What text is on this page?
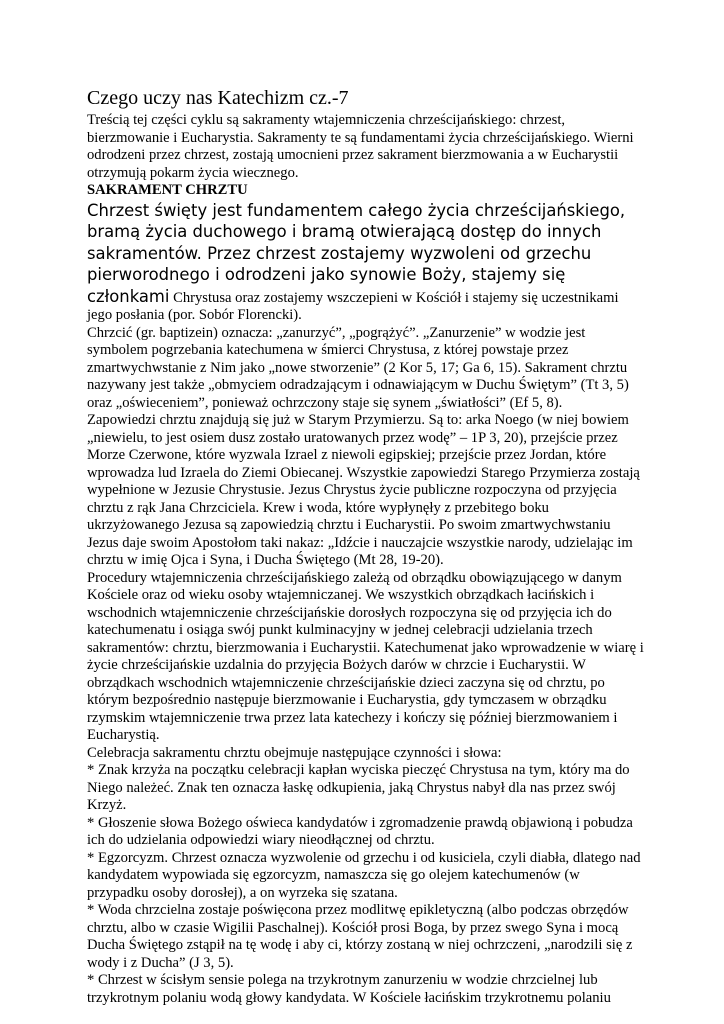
Czego uczy nas Katechizm cz.-7

Treścią tej części cyklu są sakramenty wtajemniczenia chrześcijańskiego: chrzest, bierzmowanie i Eucharystia. Sakramenty te są fundamentami życia chrześcijańskiego. Wierni odrodzeni przez chrzest, zostają umocnieni przez sakrament bierzmowania a w Eucharystii otrzymują pokarm życia wiecznego.

SAKRAMENT CHRZTU

Chrzest święty jest fundamentem całego życia chrześcijańskiego, bramą życia duchowego i bramą otwierającą dostęp do innych sakramentów. Przez chrzest zostajemy wyzwoleni od grzechu pierworodnego i odrodzeni jako synowie Boży, stajemy się członkami Chrystusa oraz zostajemy wszczepieni w Kościół i stajemy się uczestnikami jego posłania (por. Sobór Florencki).

Chrzcić (gr. baptizein) oznacza: „zanurzyć”, „pogrążyć”. „Zanurzenie” w wodzie jest symbolem pogrzebania katechumena w śmierci Chrystusa, z której powstaje przez zmartwychwstanie z Nim jako „nowe stworzenie” (2 Kor 5, 17; Ga 6, 15). Sakrament chrztu nazywany jest także „obmyciem odradzającym i odnawiającym w Duchu Świętym” (Tt 3, 5) oraz „oświeceniem”, ponieważ ochrzczony staje się synem „światłości” (Ef 5, 8).

Zapowiedzi chrztu znajdują się już w Starym Przymierzu. Są to: arka Noego (w niej bowiem „niewielu, to jest osiem dusz zostało uratowanych przez wodę” – 1P 3, 20), przejście przez Morze Czerwone, które wyzwala Izrael z niewoli egipskiej; przejście przez Jordan, które wprowadza lud Izraela do Ziemi Obiecanej. Wszystkie zapowiedzi Starego Przymierza zostają wypełnione w Jezusie Chrystusie. Jezus Chrystus życie publiczne rozpoczyna od przyjęcia chrztu z rąk Jana Chrzciciela. Krew i woda, które wypłynęły z przebitego boku ukrzyżowanego Jezusa są zapowiedzią chrztu i Eucharystii. Po swoim zmartwychwstaniu Jezus daje swoim Apostołom taki nakaz: „Idźcie i nauczajcie wszystkie narody, udzielając im chrztu w imię Ojca i Syna, i Ducha Świętego (Mt 28, 19-20).

Procedury wtajemniczenia chrześcijańskiego zależą od obrządku obowiązującego w danym Kościele oraz od wieku osoby wtajemniczanej. We wszystkich obrządkach łacińskich i wschodnich wtajemniczenie chrześcijańskie dorosłych rozpoczyna się od przyjęcia ich do katechumenatu i osiąga swój punkt kulminacyjny w jednej celebracji udzielania trzech sakramentów: chrztu, bierzmowania i Eucharystii. Katechumenat jako wprowadzenie w wiarę i życie chrześcijańskie uzdalnia do przyjęcia Bożych darów w chrzcie i Eucharystii. W obrządkach wschodnich wtajemniczenie chrześcijańskie dzieci zaczyna się od chrztu, po którym bezpośrednio następuje bierzmowanie i Eucharystia, gdy tymczasem w obrządku rzymskim wtajemniczenie trwa przez lata katechezy i kończy się później bierzmowaniem i Eucharystią.

Celebracja sakramentu chrztu obejmuje następujące czynności i słowa:

* Znak krzyża na początku celebracji kapłan wyciska pieczęć Chrystusa na tym, który ma do Niego należeć. Znak ten oznacza łaskę odkupienia, jaką Chrystus nabył dla nas przez swój Krzyż.

* Głoszenie słowa Bożego oświeca kandydatów i zgromadzenie prawdą objawioną i pobudza ich do udzielania odpowiedzi wiary nieodłącznej od chrztu.

* Egzorcyzm. Chrzest oznacza wyzwolenie od grzechu i od kusiciela, czyli diabła, dlatego nad kandydatem wypowiada się egzorcyzm, namaszcza się go olejem katechumenów (w przypadku osoby dorosłej), a on wyrzeka się szatana.

* Woda chrzcielna zostaje poświęcona przez modlitwę epikletyczną (albo podczas obrzędów chrztu, albo w czasie Wigilii Paschalnej). Kościół prosi Boga, by przez swego Syna i mocą Ducha Świętego zstąpił na tę wodę i aby ci, którzy zostaną w niej ochrzczeni, „narodzili się z wody i z Ducha” (J 3, 5).

* Chrzest w ścisłym sensie polega na trzykrotnym zanurzeniu w wodzie chrzcielnej lub trzykrotnym polaniu wodą głowy kandydata. W Kościele łacińskim trzykrotnemu polaniu
